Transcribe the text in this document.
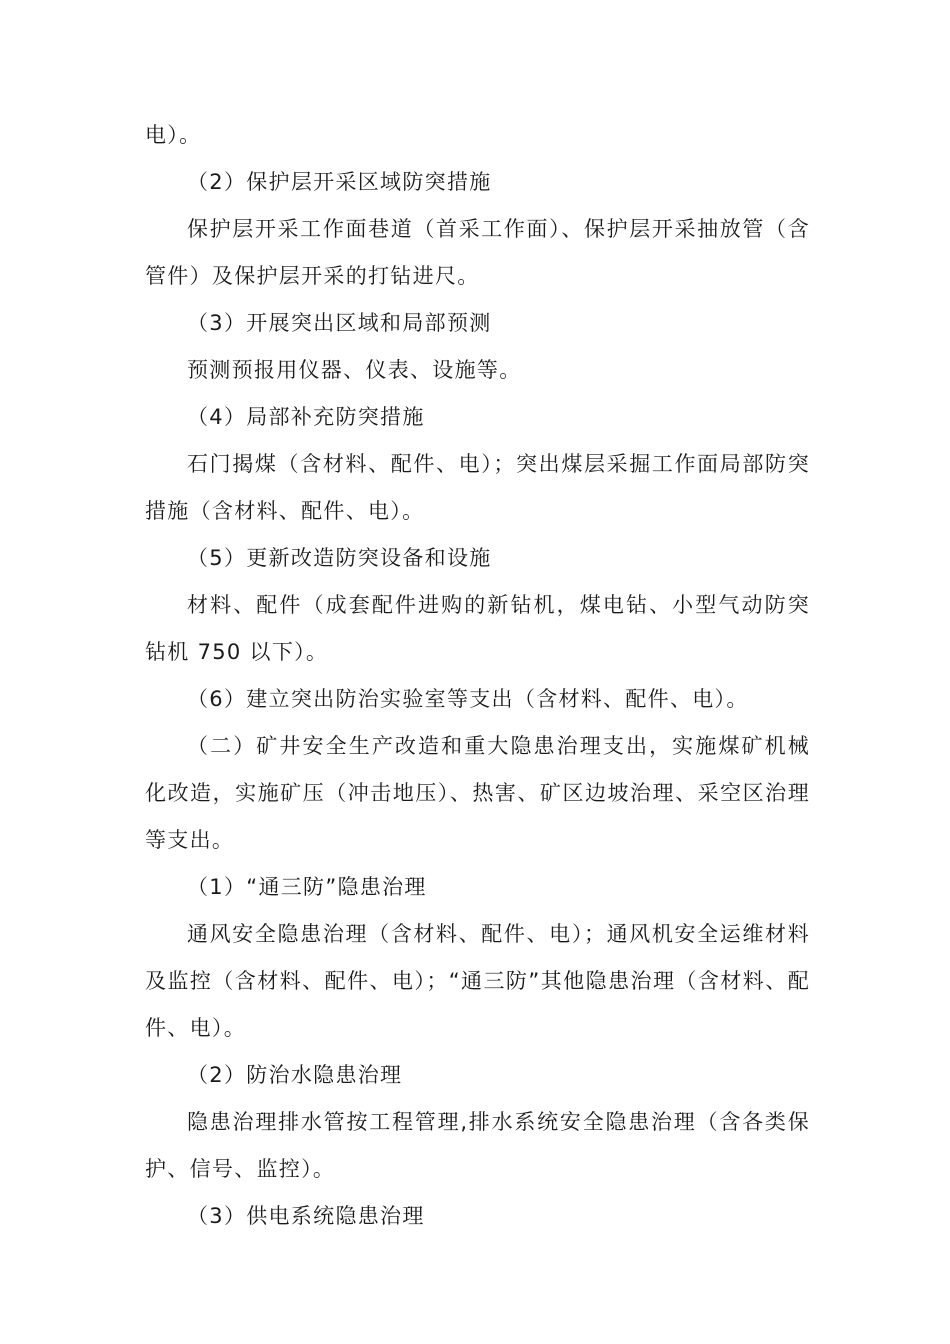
电）。

（2）保护层开采区域防突措施

保护层开采工作面巷道（首采工作面）、保护层开采抽放管（含管件）及保护层开采的打钻进尺。

（3）开展突出区域和局部预测

预测预报用仪器、仪表、设施等。

（4）局部补充防突措施

石门揭煤（含材料、配件、电）；突出煤层采掘工作面局部防突措施（含材料、配件、电）。

（5）更新改造防突设备和设施

材料、配件（成套配件进购的新钻机，煤电钻、小型气动防突钻机 750 以下）。

（6）建立突出防治实验室等支出（含材料、配件、电）。

（二）矿井安全生产改造和重大隐患治理支出，实施煤矿机械化改造，实施矿压（冲击地压）、热害、矿区边坡治理、采空区治理等支出。

（1）“通三防”隐患治理

通风安全隐患治理（含材料、配件、电）；通风机安全运维材料及监控（含材料、配件、电）；“通三防”其他隐患治理（含材料、配件、电）。

（2）防治水隐患治理

隐患治理排水管按工程管理,排水系统安全隐患治理（含各类保护、信号、监控）。

（3）供电系统隐患治理
